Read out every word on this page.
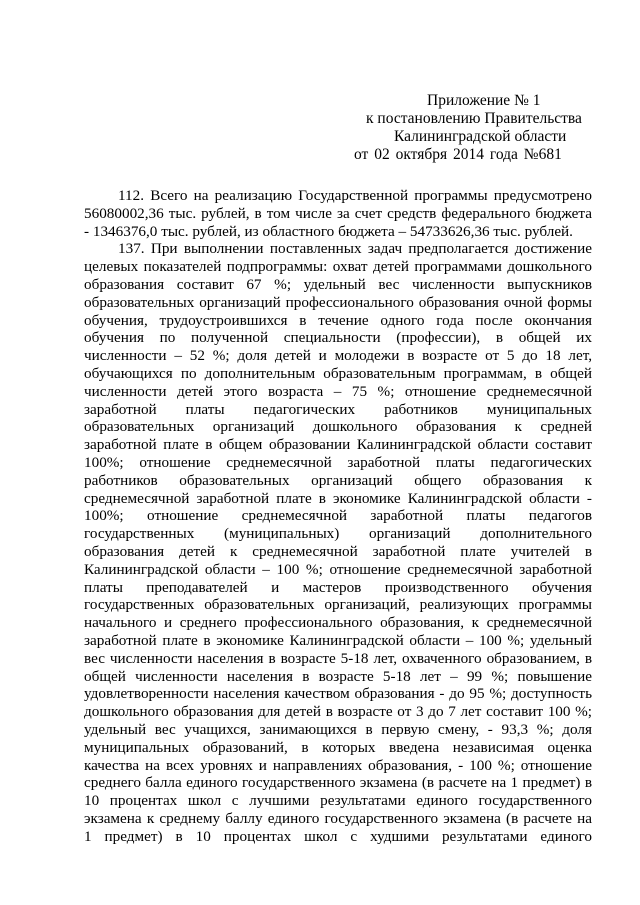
Приложение № 1
к постановлению Правительства
Калининградской области
от 02 октября 2014 года №681
112. Всего на реализацию Государственной программы предусмотрено
56080002,36 тыс. рублей, в том числе за счет средств федерального бюджета
- 1346376,0 тыс. рублей, из областного бюджета – 54733626,36 тыс. рублей.
137. При выполнении поставленных задач предполагается достижение
целевых показателей подпрограммы: охват детей программами дошкольного
образования составит 67 %; удельный вес численности выпускников
образовательных организаций профессионального образования очной формы
обучения, трудоустроившихся в течение одного года после окончания
обучения по полученной специальности (профессии), в общей их
численности – 52 %; доля детей и молодежи в возрасте от 5 до 18 лет,
обучающихся по дополнительным образовательным программам, в общей
численности детей этого возраста – 75 %; отношение среднемесячной
заработной платы педагогических работников муниципальных
образовательных организаций дошкольного образования к средней
заработной плате в общем образовании Калининградской области составит
100%; отношение среднемесячной заработной платы педагогических
работников образовательных организаций общего образования к
среднемесячной заработной плате в экономике Калининградской области -
100%; отношение среднемесячной заработной платы педагогов
государственных (муниципальных) организаций дополнительного
образования детей к среднемесячной заработной плате учителей в
Калининградской области – 100 %; отношение среднемесячной заработной
платы преподавателей и мастеров производственного обучения
государственных образовательных организаций, реализующих программы
начального и среднего профессионального образования, к среднемесячной
заработной плате в экономике Калининградской области – 100 %; удельный
вес численности населения в возрасте 5-18 лет, охваченного образованием, в
общей численности населения в возрасте 5-18 лет – 99 %; повышение
удовлетворенности населения качеством образования - до 95 %; доступность
дошкольного образования для детей в возрасте от 3 до 7 лет составит 100 %;
удельный вес учащихся, занимающихся в первую смену, - 93,3 %; доля
муниципальных образований, в которых введена независимая оценка
качества на всех уровнях и направлениях образования, - 100 %; отношение
среднего балла единого государственного экзамена (в расчете на 1 предмет) в
10 процентах школ с лучшими результатами единого государственного
экзамена к среднему баллу единого государственного экзамена (в расчете на
1 предмет) в 10 процентах школ с худшими результатами единого
